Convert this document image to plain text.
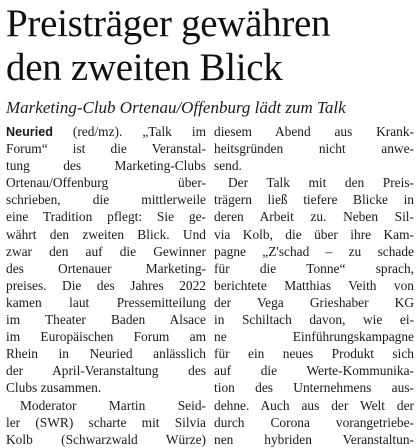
Preisträger gewähren
den zweiten Blick

Marketing-Club Ortenau/Offenburg lädt zum Talk

Neuried (red/mz). „Talk im
Forum“ ist die Veranstal-
tung des Marketing-Clubs
Ortenau/Offenburg über-
schrieben, die mittlerweile
eine Tradition pflegt: Sie ge-
währt den zweiten Blick. Und
zwar den auf die Gewinner
des Ortenauer Marketing-
preises. Die des Jahres 2022
kamen laut Pressemitteilung
im Theater Baden Alsace
im Europäischen Forum am
Rhein in Neuried anlässlich
der April-Veranstaltung des
Clubs zusammen.
Moderator Martin Seid-
ler (SWR) scharte mit Silvia
Kolb (Schwarzwald Würze)
diesem Abend aus Krank-
heitsgründen nicht anwe-
send.
Der Talk mit den Preis-
trägern ließ tiefere Blicke in
deren Arbeit zu. Neben Sil-
via Kolb, die über ihre Kam-
pagne „Z'schad – zu schade
für die Tonne“ sprach,
berichtete Matthias Veith von
der Vega Grieshaber KG
in Schiltach davon, wie ei-
ne Einführungskampagne
für ein neues Produkt sich
auf die Werte-Kommunika-
tion des Unternehmens aus-
dehne. Auch aus der Welt der
durch Corona vorangetriebe-
nen hybriden Veranstaltun-
